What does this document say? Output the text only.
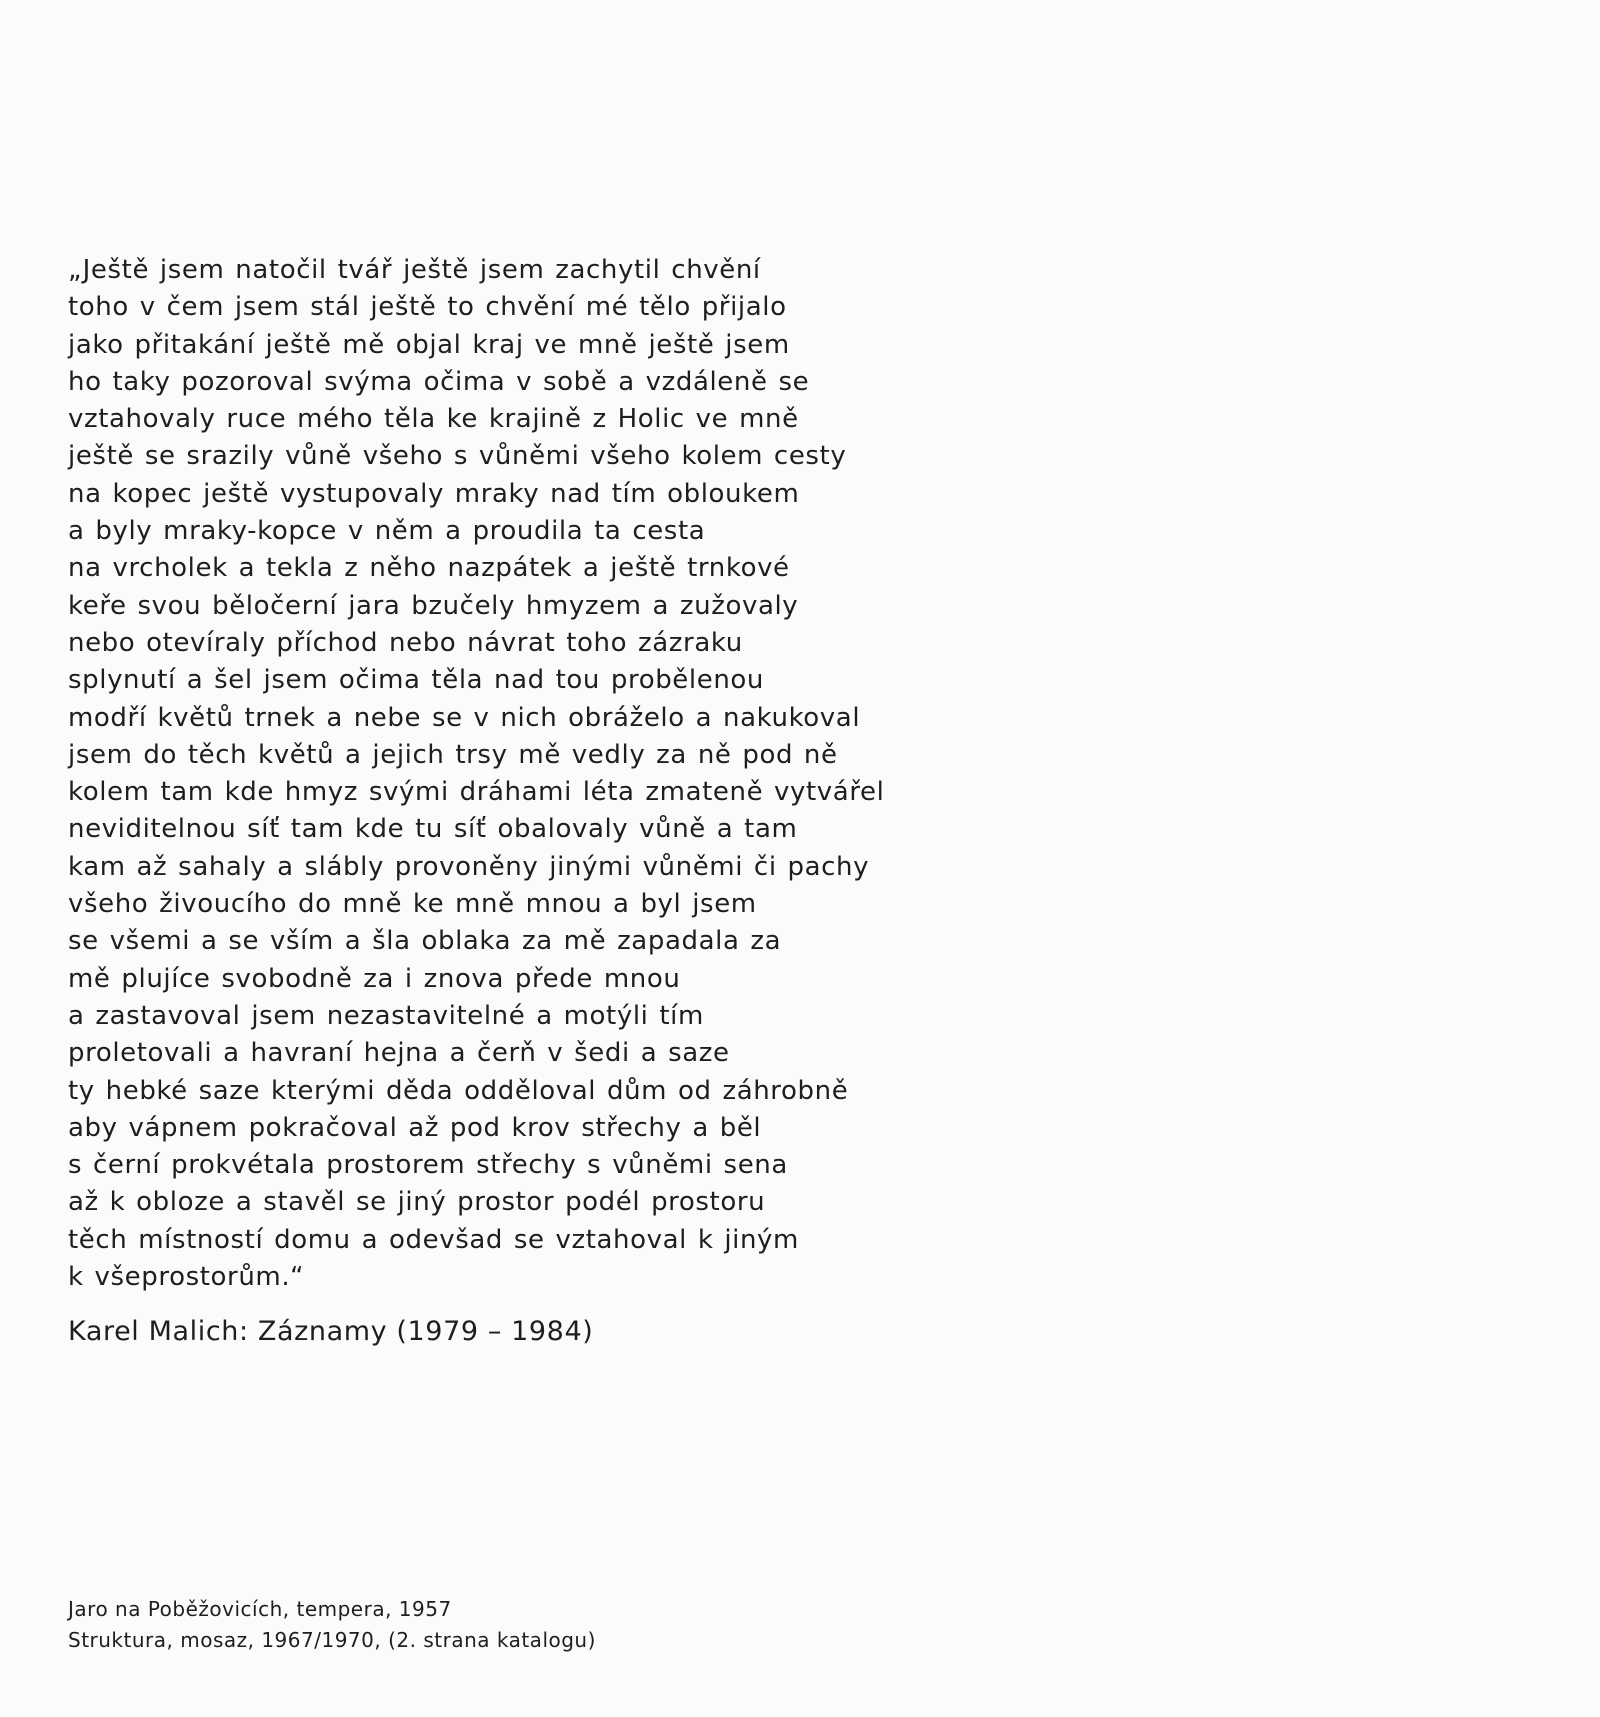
„Ještě jsem natočil tvář ještě jsem zachytil chvění
toho v čem jsem stál ještě to chvění mé tělo přijalo
jako přitakání ještě mě objal kraj ve mně ještě jsem
ho taky pozoroval svýma očima v sobě a vzdáleně se
vztahovaly ruce mého těla ke krajině z Holic ve mně
ještě se srazily vůně všeho s vůněmi všeho kolem cesty
na kopec ještě vystupovaly mraky nad tím obloukem
a byly mraky-kopce v něm a proudila ta cesta
na vrcholek a tekla z něho nazpátek a ještě trnkové
keře svou běločerní jara bzučely hmyzem a zužovaly
nebo otevíraly příchod nebo návrat toho zázraku
splynutí a šel jsem očima těla nad tou probělenou
modří květů trnek a nebe se v nich obráželo a nakukoval
jsem do těch květů a jejich trsy mě vedly za ně pod ně
kolem tam kde hmyz svými dráhami léta zmateně vytvářel
neviditelnou síť tam kde tu síť obalovaly vůně a tam
kam až sahaly a slábly provoněny jinými vůněmi či pachy
všeho živoucího do mně ke mně mnou a byl jsem
se všemi a se vším a šla oblaka za mě zapadala za
mě plujíce svobodně za i znova přede mnou
a zastavoval jsem nezastavitelné a motýli tím
proletovali a havraní hejna a čerň v šedi a saze
ty hebké saze kterými děda odděloval dům od záhrobně
aby vápnem pokračoval až pod krov střechy a běl
s černí prokvétala prostorem střechy s vůněmi sena
až k obloze a stavěl se jiný prostor podél prostoru
těch místností domu a odevšad se vztahoval k jiným
k všeprostorům.“
Karel Malich: Záznamy (1979 – 1984)
Jaro na Poběžovicích, tempera, 1957
Struktura, mosaz, 1967/1970, (2. strana katalogu)
